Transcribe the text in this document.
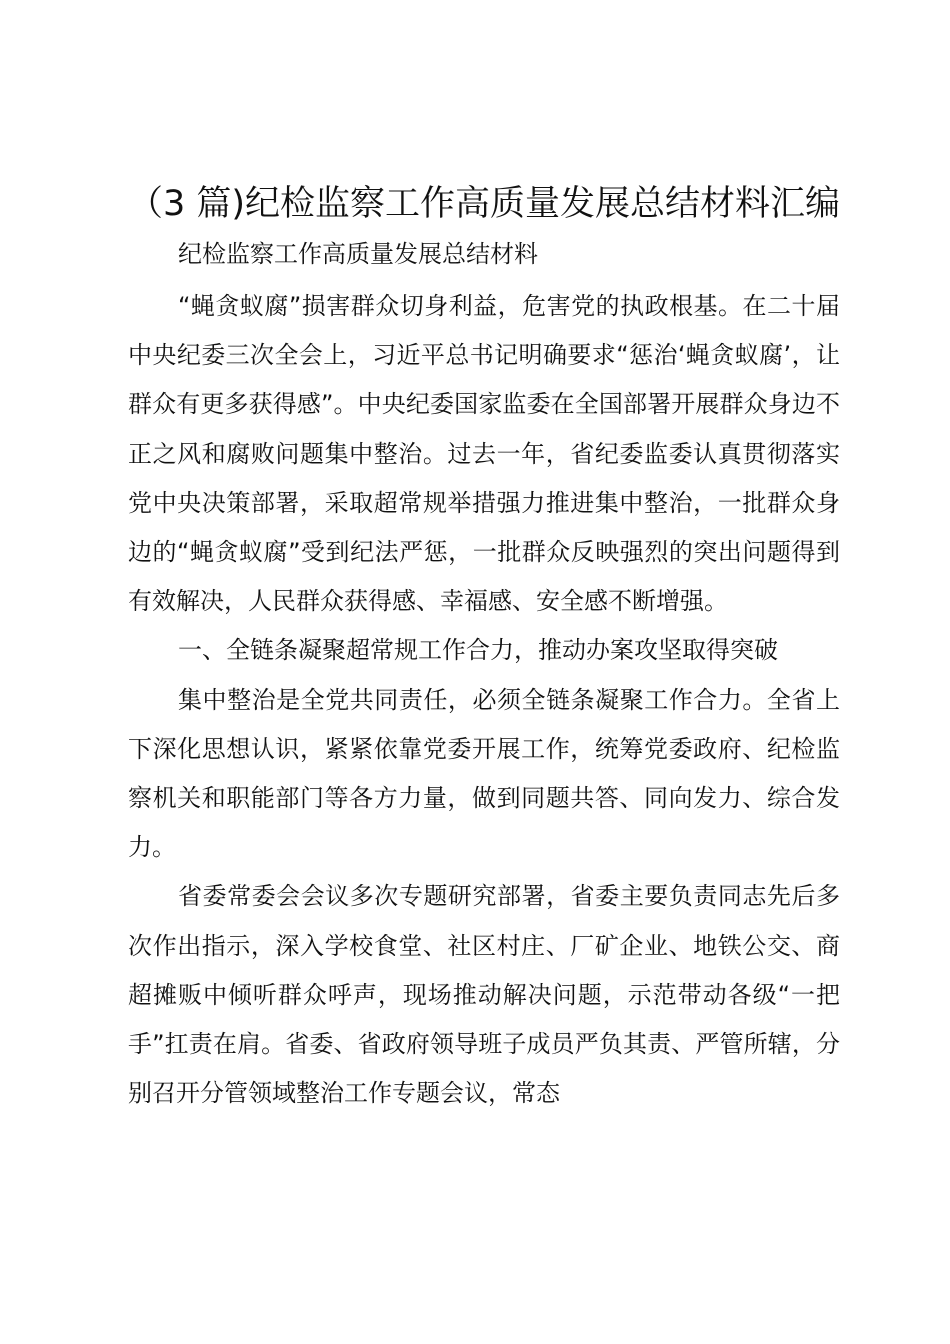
（3 篇)纪检监察工作高质量发展总结材料汇编
纪检监察工作高质量发展总结材料

“蝇贪蚁腐”损害群众切身利益，危害党的执政根基。在二十届中央纪委三次全会上，习近平总书记明确要求“惩治‘蝇贪蚁腐’，让群众有更多获得感”。中央纪委国家监委在全国部署开展群众身边不正之风和腐败问题集中整治。过去一年，省纪委监委认真贯彻落实党中央决策部署，采取超常规举措强力推进集中整治，一批群众身边的“蝇贪蚁腐”受到纪法严惩，一批群众反映强烈的突出问题得到有效解决，人民群众获得感、幸福感、安全感不断增强。

一、全链条凝聚超常规工作合力，推动办案攻坚取得突破

集中整治是全党共同责任，必须全链条凝聚工作合力。全省上下深化思想认识，紧紧依靠党委开展工作，统筹党委政府、纪检监察机关和职能部门等各方力量，做到同题共答、同向发力、综合发力。

省委常委会会议多次专题研究部署，省委主要负责同志先后多次作出指示，深入学校食堂、社区村庄、厂矿企业、地铁公交、商超摊贩中倾听群众呼声，现场推动解决问题，示范带动各级“一把手”扛责在肩。省委、省政府领导班子成员严负其责、严管所辖，分别召开分管领域整治工作专题会议，常态
